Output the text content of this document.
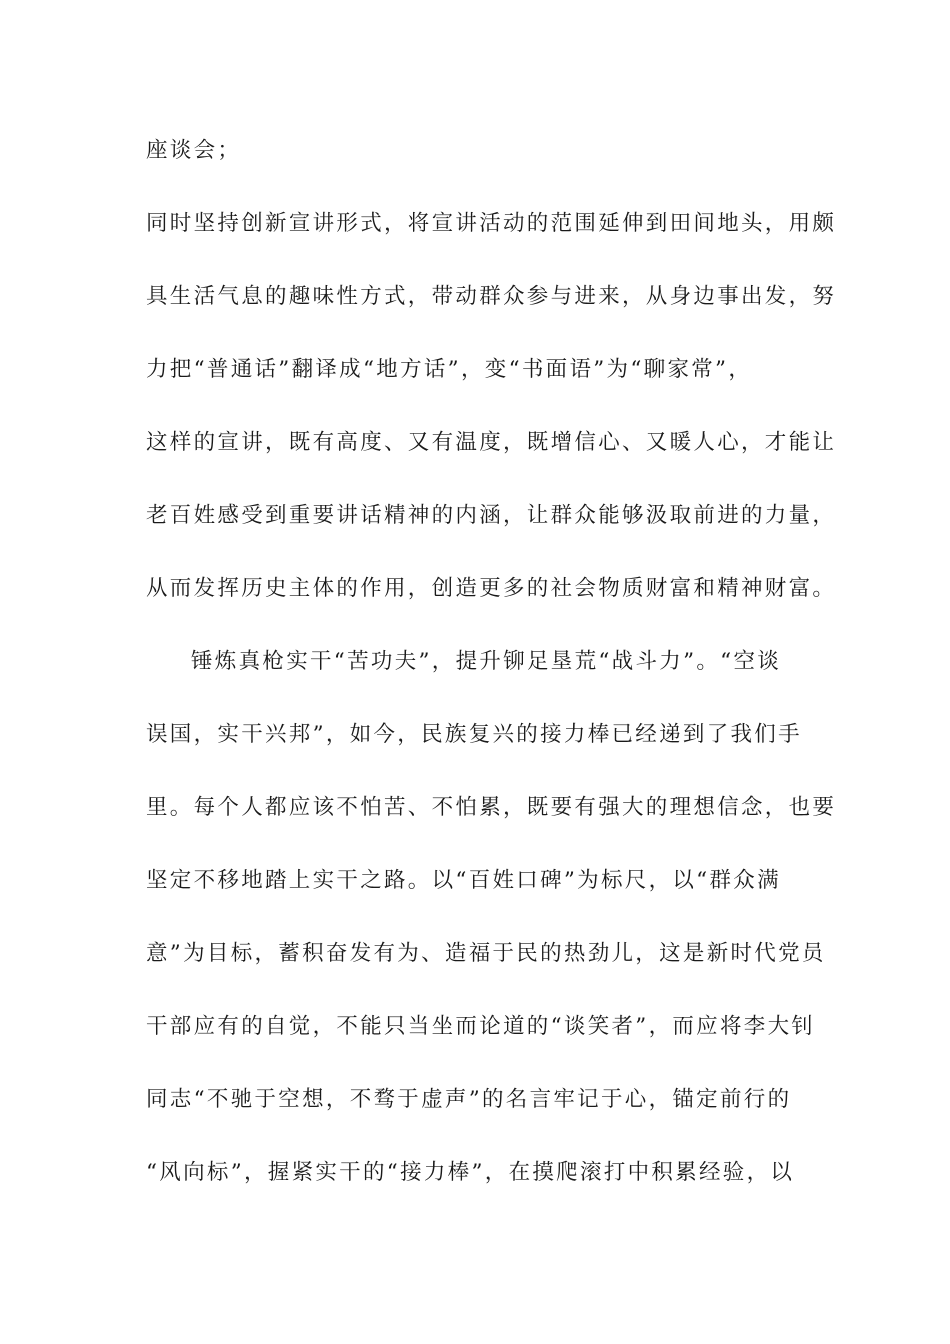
座谈会；
同时坚持创新宣讲形式，将宣讲活动的范围延伸到田间地头，用颇
具生活气息的趣味性方式，带动群众参与进来，从身边事出发，努
力把“普通话”翻译成“地方话”，变“书面语”为“聊家常”，
这样的宣讲，既有高度、又有温度，既增信心、又暖人心，才能让
老百姓感受到重要讲话精神的内涵，让群众能够汲取前进的力量，
从而发挥历史主体的作用，创造更多的社会物质财富和精神财富。
锤炼真枪实干“苦功夫”，提升铆足垦荒“战斗力”。“空谈
误国，实干兴邦”，如今，民族复兴的接力棒已经递到了我们手
里。每个人都应该不怕苦、不怕累，既要有强大的理想信念，也要
坚定不移地踏上实干之路。以“百姓口碑”为标尺，以“群众满
意”为目标，蓄积奋发有为、造福于民的热劲儿，这是新时代党员
干部应有的自觉，不能只当坐而论道的“谈笑者”，而应将李大钊
同志“不驰于空想，不骛于虚声”的名言牢记于心，锚定前行的
“风向标”，握紧实干的“接力棒”，在摸爬滚打中积累经验，以
